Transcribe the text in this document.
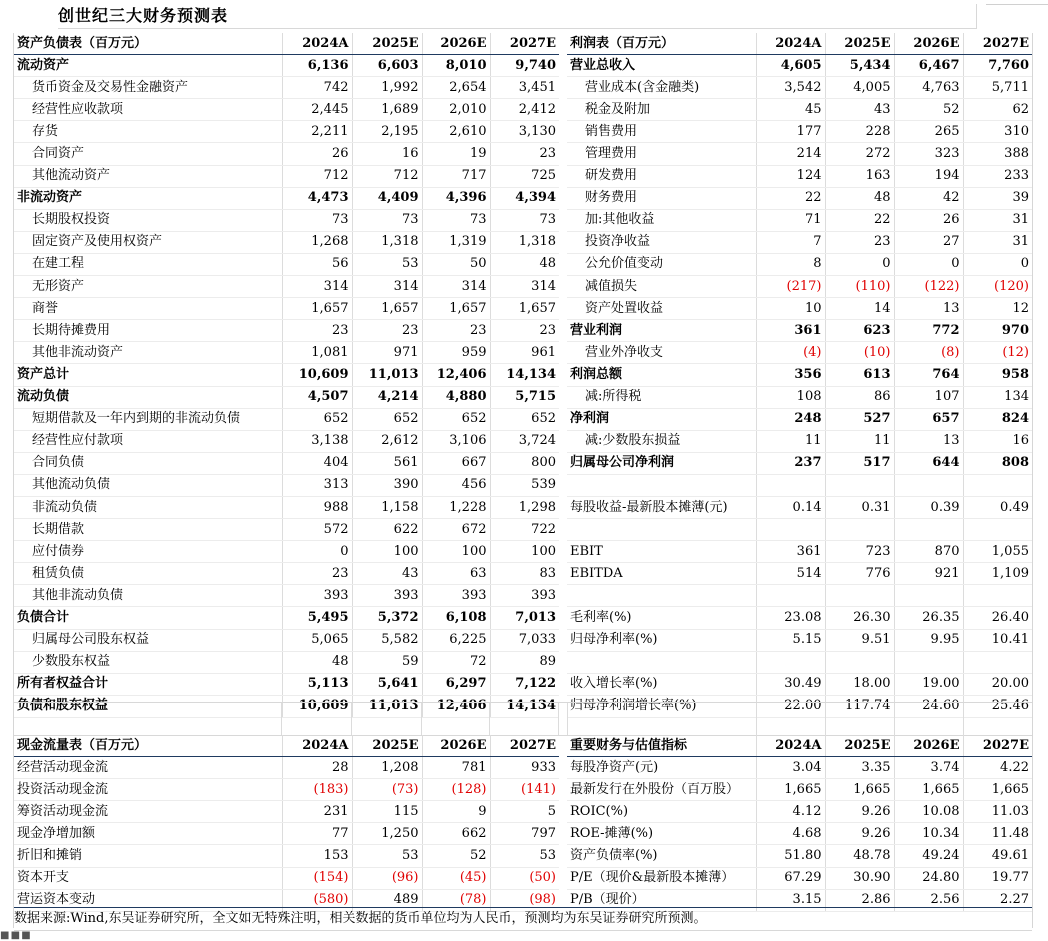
创世纪三大财务预测表
资产负债表（百万元）	2024A	2025E	2026E	2027E
流动资产	6,136	6,603	8,010	9,740
货币资金及交易性金融资产	742	1,992	2,654	3,451
经营性应收款项	2,445	1,689	2,010	2,412
存货	2,211	2,195	2,610	3,130
合同资产	26	16	19	23
其他流动资产	712	712	717	725
非流动资产	4,473	4,409	4,396	4,394
长期股权投资	73	73	73	73
固定资产及使用权资产	1,268	1,318	1,319	1,318
在建工程	56	53	50	48
无形资产	314	314	314	314
商誉	1,657	1,657	1,657	1,657
长期待摊费用	23	23	23	23
其他非流动资产	1,081	971	959	961
资产总计	10,609	11,013	12,406	14,134
流动负债	4,507	4,214	4,880	5,715
短期借款及一年内到期的非流动负债	652	652	652	652
经营性应付款项	3,138	2,612	3,106	3,724
合同负债	404	561	667	800
其他流动负债	313	390	456	539
非流动负债	988	1,158	1,228	1,298
长期借款	572	622	672	722
应付债券	0	100	100	100
租赁负债	23	43	63	83
其他非流动负债	393	393	393	393
负债合计	5,495	5,372	6,108	7,013
归属母公司股东权益	5,065	5,582	6,225	7,033
少数股东权益	48	59	72	89
所有者权益合计	5,113	5,641	6,297	7,122
负债和股东权益	10,609	11,013	12,406	14,134
利润表（百万元）	2024A	2025E	2026E	2027E
营业总收入	4,605	5,434	6,467	7,760
营业成本(含金融类)	3,542	4,005	4,763	5,711
税金及附加	45	43	52	62
销售费用	177	228	265	310
管理费用	214	272	323	388
研发费用	124	163	194	233
财务费用	22	48	42	39
加:其他收益	71	22	26	31
投资净收益	7	23	27	31
公允价值变动	8	0	0	0
减值损失	(217)	(110)	(122)	(120)
资产处置收益	10	14	13	12
营业利润	361	623	772	970
营业外净收支	(4)	(10)	(8)	(12)
利润总额	356	613	764	958
减:所得税	108	86	107	134
净利润	248	527	657	824
减:少数股东损益	11	11	13	16
归属母公司净利润	237	517	644	808

每股收益-最新股本摊薄(元)	0.14	0.31	0.39	0.49

EBIT	361	723	870	1,055
EBITDA	514	776	921	1,109

毛利率(%)	23.08	26.30	26.35	26.40
归母净利率(%)	5.15	9.51	9.95	10.41

收入增长率(%)	30.49	18.00	19.00	20.00
归母净利润增长率(%)	22.00	117.74	24.60	25.46
现金流量表（百万元）	2024A	2025E	2026E	2027E
经营活动现金流	28	1,208	781	933
投资活动现金流	(183)	(73)	(128)	(141)
筹资活动现金流	231	115	9	5
现金净增加额	77	1,250	662	797
折旧和摊销	153	53	52	53
资本开支	(154)	(96)	(45)	(50)
营运资本变动	(580)	489	(78)	(98)
重要财务与估值指标	2024A	2025E	2026E	2027E
每股净资产(元)	3.04	3.35	3.74	4.22
最新发行在外股份（百万股）	1,665	1,665	1,665	1,665
ROIC(%)	4.12	9.26	10.08	11.03
ROE-摊薄(%)	4.68	9.26	10.34	11.48
资产负债率(%)	51.80	48.78	49.24	49.61
P/E（现价&最新股本摊薄）	67.29	30.90	24.80	19.77
P/B（现价）	3.15	2.86	2.56	2.27
数据来源:Wind,东吴证券研究所，全文如无特殊注明，相关数据的货币单位均为人民币，预测均为东吴证券研究所预测。
■ ■ ■
